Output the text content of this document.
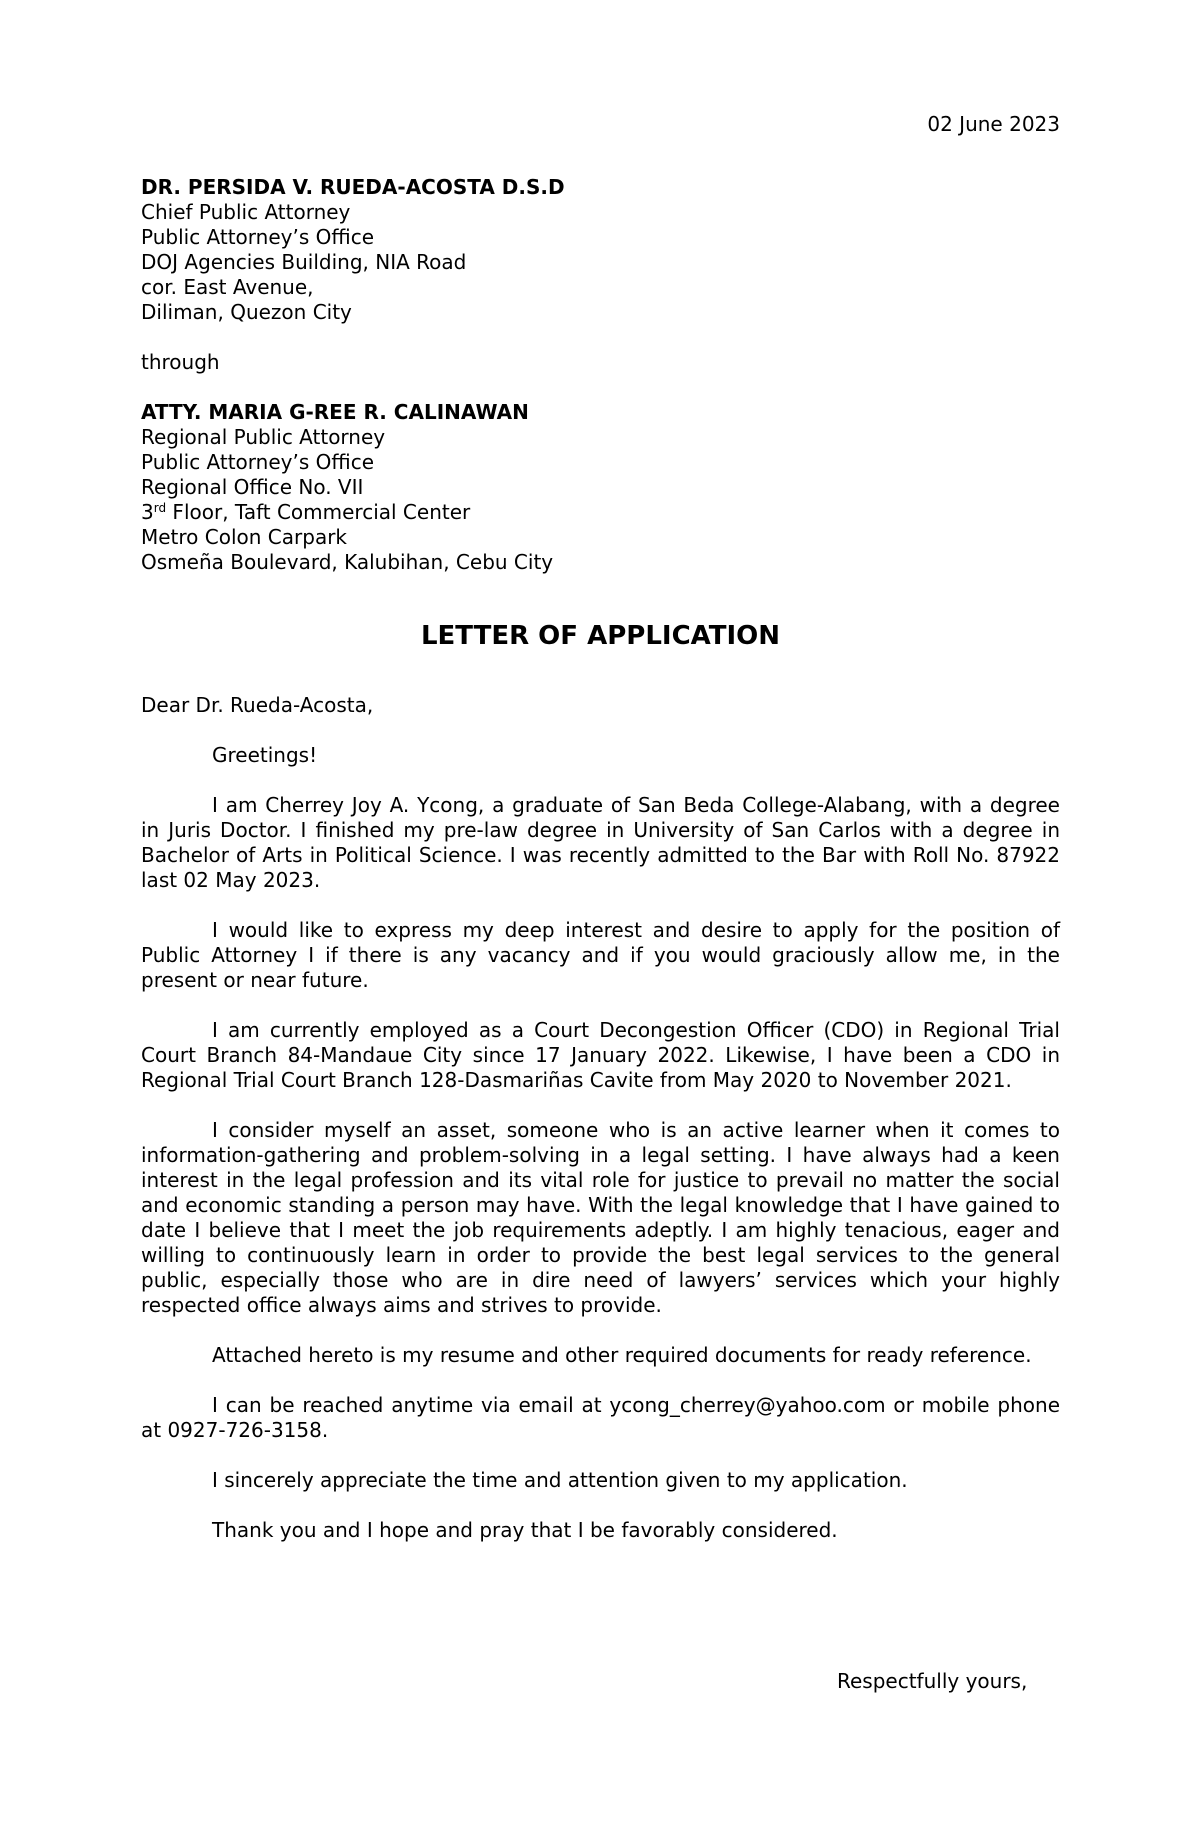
02 June 2023

DR. PERSIDA V. RUEDA-ACOSTA D.S.D
Chief Public Attorney
Public Attorney’s Office
DOJ Agencies Building, NIA Road
cor. East Avenue,
Diliman, Quezon City

through

ATTY. MARIA G-REE R. CALINAWAN
Regional Public Attorney
Public Attorney’s Office
Regional Office No. VII
3rd Floor, Taft Commercial Center
Metro Colon Carpark
Osmeña Boulevard, Kalubihan, Cebu City

LETTER OF APPLICATION

Dear Dr. Rueda-Acosta,

Greetings!

I am Cherrey Joy A. Ycong, a graduate of San Beda College-Alabang, with a degree in Juris Doctor. I finished my pre-law degree in University of San Carlos with a degree in Bachelor of Arts in Political Science. I was recently admitted to the Bar with Roll No. 87922 last 02 May 2023.

I would like to express my deep interest and desire to apply for the position of Public Attorney I if there is any vacancy and if you would graciously allow me, in the present or near future.

I am currently employed as a Court Decongestion Officer (CDO) in Regional Trial Court Branch 84-Mandaue City since 17 January 2022. Likewise, I have been a CDO in Regional Trial Court Branch 128-Dasmariñas Cavite from May 2020 to November 2021.

I consider myself an asset, someone who is an active learner when it comes to information-gathering and problem-solving in a legal setting. I have always had a keen interest in the legal profession and its vital role for justice to prevail no matter the social and economic standing a person may have. With the legal knowledge that I have gained to date I believe that I meet the job requirements adeptly. I am highly tenacious, eager and willing to continuously learn in order to provide the best legal services to the general public, especially those who are in dire need of lawyers’ services which your highly respected office always aims and strives to provide.

Attached hereto is my resume and other required documents for ready reference.

I can be reached anytime via email at ycong_cherrey@yahoo.com or mobile phone at 0927-726-3158.

I sincerely appreciate the time and attention given to my application.

Thank you and I hope and pray that I be favorably considered.

Respectfully yours,
